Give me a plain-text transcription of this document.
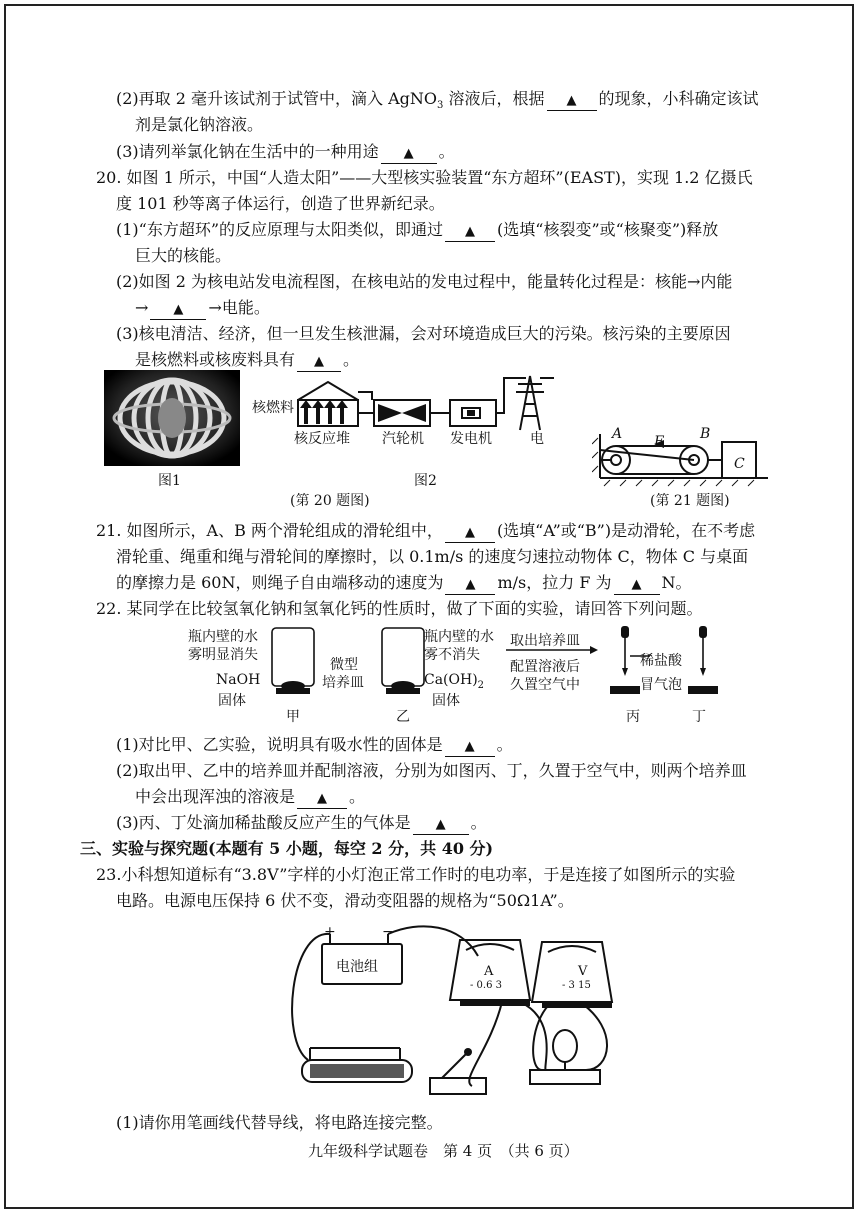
(2)再取 2 毫升该试剂于试管中，滴入 AgNO$_3$ 溶液后，根据 ▲ 的现象，小科确定该试
剂是氯化钠溶液。
(3)请列举氯化钠在生活中的一种用途 ▲ 。
20. 如图 1 所示，中国“人造太阳”——大型核实验装置“东方超环”(EAST)，实现 1.2 亿摄氏
度 101 秒等离子体运行，创造了世界新纪录。
(1)“东方超环”的反应原理与太阳类似，即通过 ▲ (选填“核裂变”或“核聚变”)释放
巨大的核能。
(2)如图 2 为核电站发电流程图，在核电站的发电过程中，能量转化过程是：核能→内能
→ ▲ →电能。
(3)核电清洁、经济，但一旦发生核泄漏，会对环境造成巨大的污染。核污染的主要原因
是核燃料或核废料具有 ▲ 。
图1
核燃料
核反应堆 汽轮机 发电机	电
图2
(第 20 题图)
A F	B
C
(第 21 题图)
21. 如图所示，A、B 两个滑轮组成的滑轮组中， ▲ (选填“A”或“B”)是动滑轮，在不考虑
滑轮重、绳重和绳与滑轮间的摩擦时，以 0.1m/s 的速度匀速拉动物体 C，物体 C 与桌面
的摩擦力是 60N，则绳子自由端移动的速度为 ▲ m/s，拉力 F 为 ▲ N。
22. 某同学在比较氢氧化钠和氢氧化钙的性质时，做了下面的实验，请回答下列问题。
瓶内壁的水
雾明显消失
NaOH
固体
微型
培养皿
瓶内壁的水
雾不消失
$Ca(OH)_2$
固体
取出培养皿
配置溶液后
久置空气中
稀盐酸
冒气泡
甲	乙	丙	丁
(1)对比甲、乙实验，说明具有吸水性的固体是 ▲ 。
(2)取出甲、乙中的培养皿并配制溶液，分别为如图丙、丁，久置于空气中，则两个培养皿
中会出现浑浊的溶液是 ▲ 。
(3)丙、丁处滴加稀盐酸反应产生的气体是 ▲ 。
三、实验与探究题(本题有 5 小题，每空 2 分，共 40 分)
23.小科想知道标有“3.8V”字样的小灯泡正常工作时的电功率，于是连接了如图所示的实验
电路。电源电压保持 6 伏不变，滑动变阻器的规格为“50Ω1A”。
+	−
电池组	A
- 0.6 3
V
- 3 15
(1)请你用笔画线代替导线，将电路连接完整。
九年级科学试题卷　第 4 页　（共 6 页）
